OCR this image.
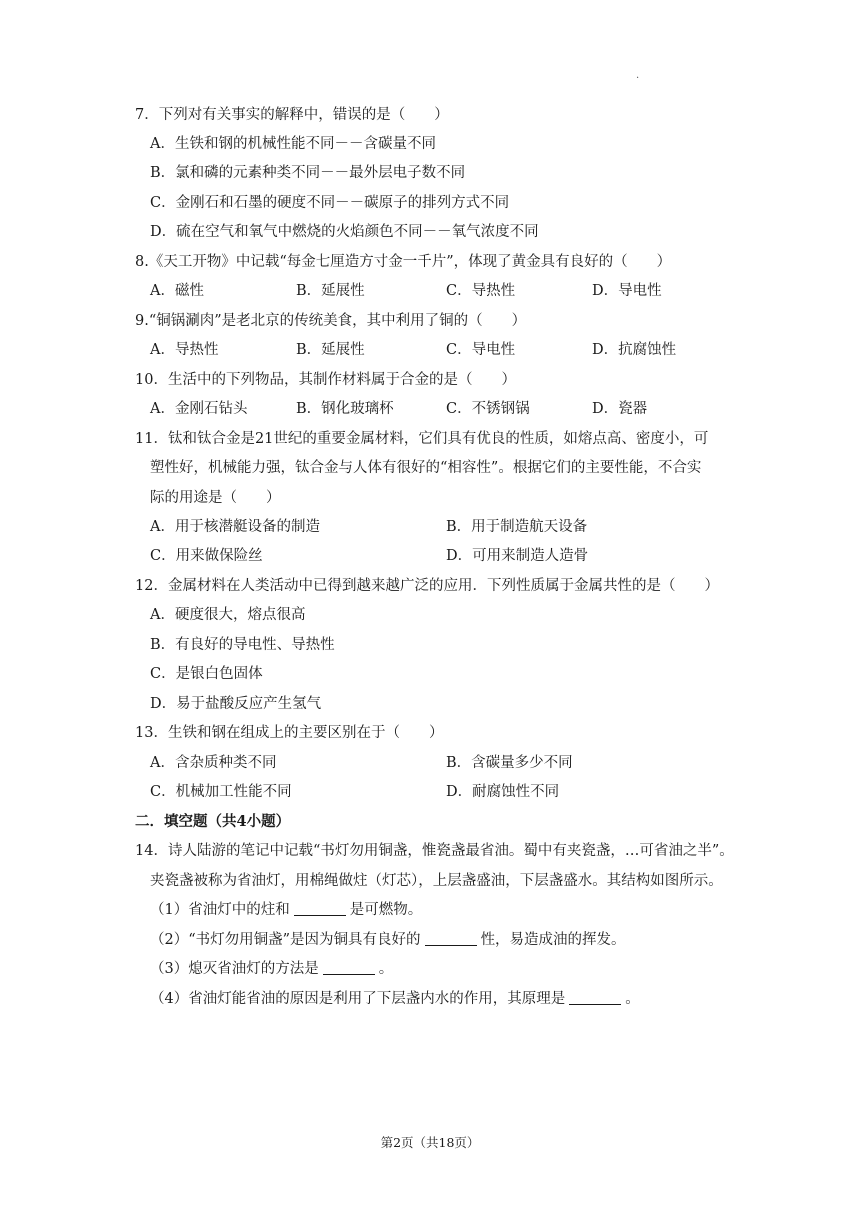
.
7．下列对有关事实的解释中，错误的是（　　）
A．生铁和钢的机械性能不同－－含碳量不同
B．氯和磷的元素种类不同－－最外层电子数不同
C．金刚石和石墨的硬度不同－－碳原子的排列方式不同
D．硫在空气和氧气中燃烧的火焰颜色不同－－氧气浓度不同
8.《天工开物》中记载“每金七厘造方寸金一千片”，体现了黄金具有良好的（　　）
A．磁性	B．延展性	C．导热性	D．导电性
9.“铜锅涮肉”是老北京的传统美食，其中利用了铜的（　　）
A．导热性	B．延展性	C．导电性	D．抗腐蚀性
10．生活中的下列物品，其制作材料属于合金的是（　　）
A．金刚石钻头	B．钢化玻璃杯	C．不锈钢锅	D．瓷器
11．钛和钛合金是21世纪的重要金属材料，它们具有优良的性质，如熔点高、密度小，可
塑性好，机械能力强，钛合金与人体有很好的“相容性”。根据它们的主要性能，不合实
际的用途是（　　）
A．用于核潜艇设备的制造	B．用于制造航天设备
C．用来做保险丝	D．可用来制造人造骨
12．金属材料在人类活动中已得到越来越广泛的应用．下列性质属于金属共性的是（　　）
A．硬度很大，熔点很高
B．有良好的导电性、导热性
C．是银白色固体
D．易于盐酸反应产生氢气
13．生铁和钢在组成上的主要区别在于（　　）
A．含杂质种类不同	B．含碳量多少不同
C．机械加工性能不同	D．耐腐蚀性不同
二．填空题（共4小题）
14．诗人陆游的笔记中记载“书灯勿用铜盏，惟瓷盏最省油。蜀中有夹瓷盏，…可省油之半”。
夹瓷盏被称为省油灯，用棉绳做炷（灯芯），上层盏盛油，下层盏盛水。其结构如图所示。
（1）省油灯中的炷和	是可燃物。
（2）“书灯勿用铜盏”是因为铜具有良好的	性，易造成油的挥发。
（3）熄灭省油灯的方法是	。
（4）省油灯能省油的原因是利用了下层盏内水的作用，其原理是	。
第2页（共18页）
